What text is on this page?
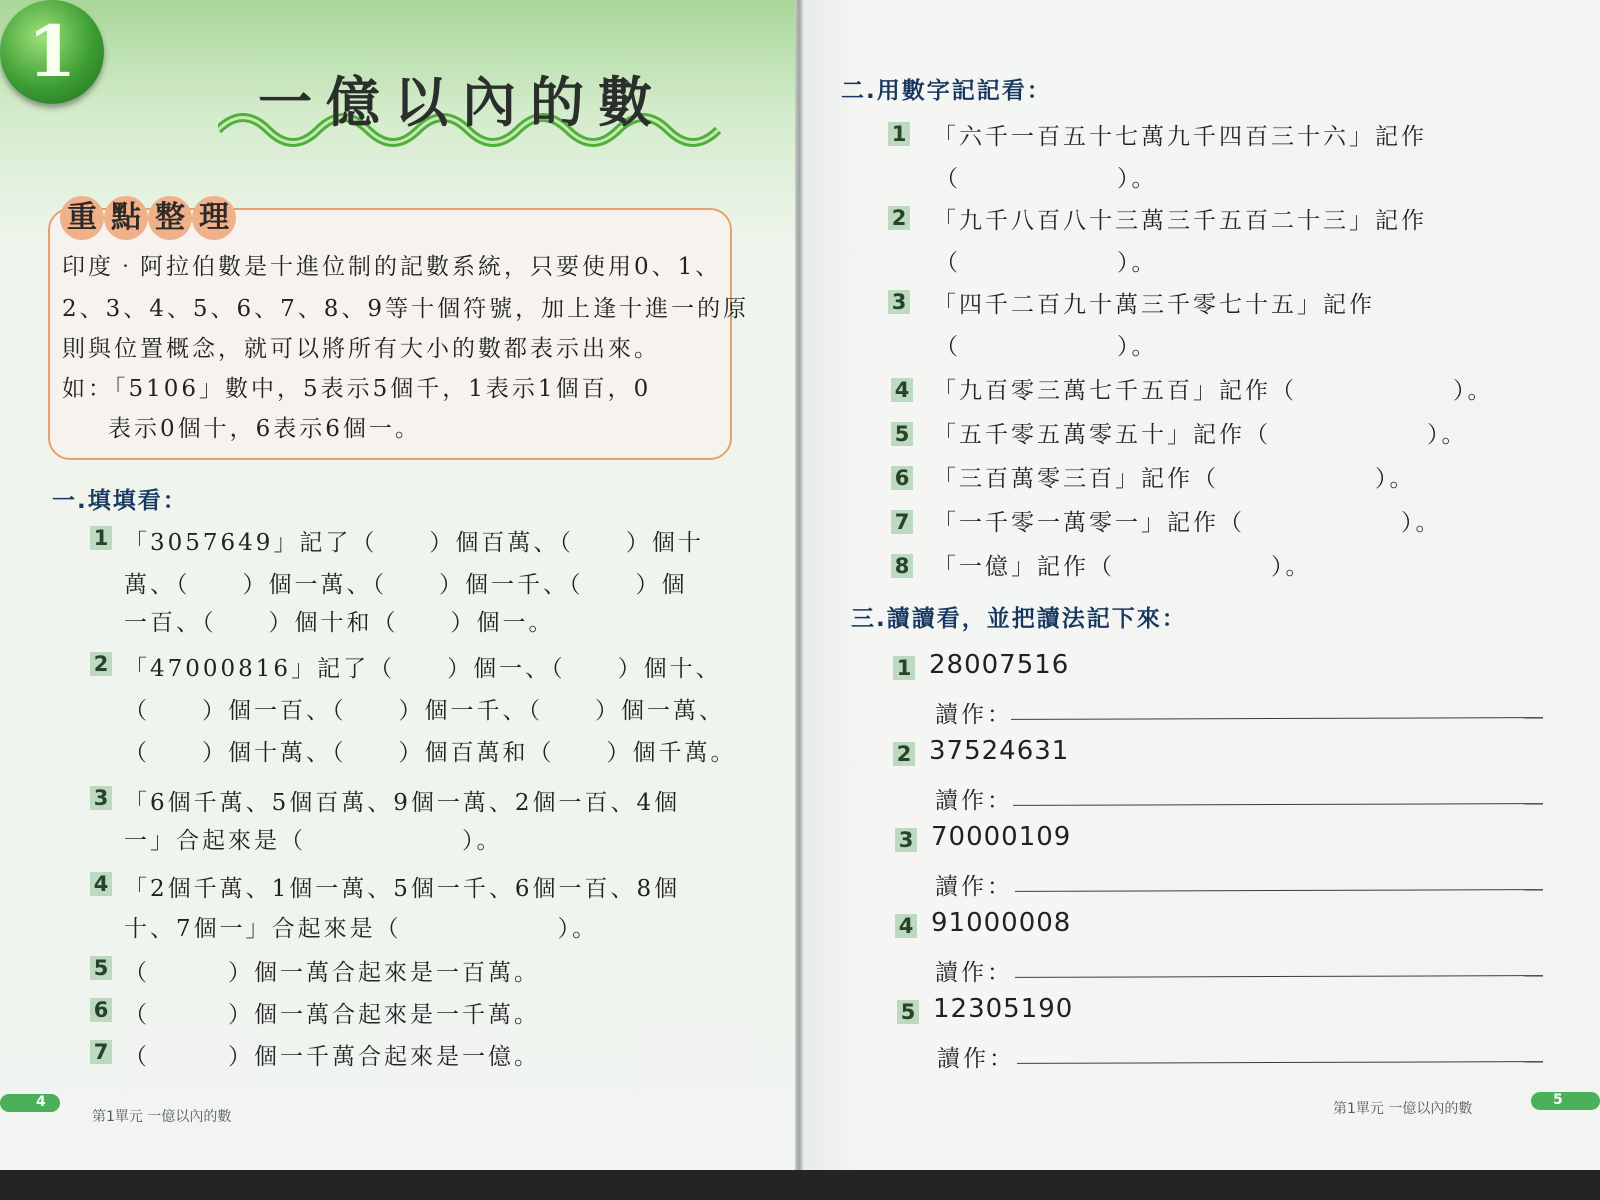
1
一億以內的數
重 點 整 理
印度‧阿拉伯數是十進位制的記數系統，只要使用0、1、
2、3、4、5、6、7、8、9等十個符號，加上逢十進一的原
則與位置概念，就可以將所有大小的數都表示出來。
如：「5106」數中，5表示5個千，1表示1個百，0
表示0個十，6表示6個一。
一.填填看：
1 「3057649」記了（　　）個百萬、（　　）個十
萬、（　　）個一萬、（　　）個一千、（　　）個
一百、（　　）個十和（　　）個一。
2 「47000816」記了（　　）個一、（　　）個十、
（　　）個一百、（　　）個一千、（　　）個一萬、
（　　）個十萬、（　　）個百萬和（　　）個千萬。
3 「6個千萬、5個百萬、9個一萬、2個一百、4個
一」合起來是（　　　　　　）。
4 「2個千萬、1個一萬、5個一千、6個一百、8個
十、7個一」合起來是（　　　　　　）。
5 （　　　）個一萬合起來是一百萬。
6 （　　　）個一萬合起來是一千萬。
7 （　　　）個一千萬合起來是一億。
4
第1單元 一億以內的數
二.用數字記記看：
1 「六千一百五十七萬九千四百三十六」記作
（　　　　　　）。
2 「九千八百八十三萬三千五百二十三」記作
（　　　　　　）。
3 「四千二百九十萬三千零七十五」記作
（　　　　　　）。
4 「九百零三萬七千五百」記作（　　　　　　）。
5 「五千零五萬零五十」記作（　　　　　　）。
6 「三百萬零三百」記作（　　　　　　）。
7 「一千零一萬零一」記作（　　　　　　）。
8 「一億」記作（　　　　　　）。
三.讀讀看，並把讀法記下來：
1 28007516
讀作：
2 37524631
讀作：
3 70000109
讀作：
4 91000008
讀作：
5 12305190
讀作：
第1單元 一億以內的數
5
